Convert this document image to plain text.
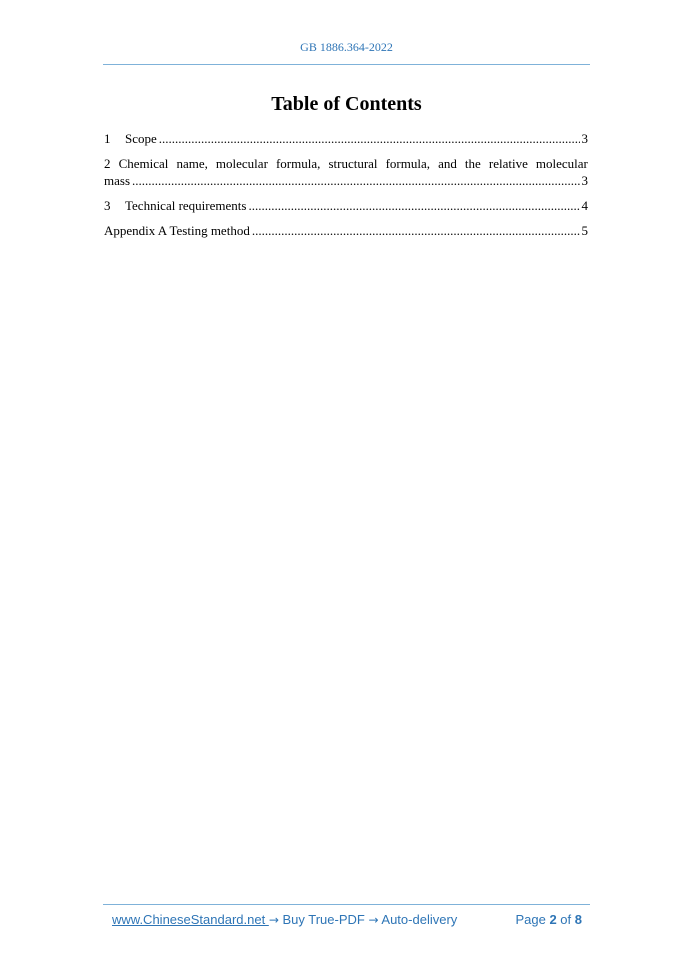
GB 1886.364-2022
Table of Contents
1	Scope .....	3
2 Chemical name, molecular formula, structural formula, and the relative molecular
mass .....	3
3	Technical requirements .....	4
Appendix A Testing method .....	5
www.ChineseStandard.net → Buy True-PDF → Auto-delivery	Page 2 of 8
